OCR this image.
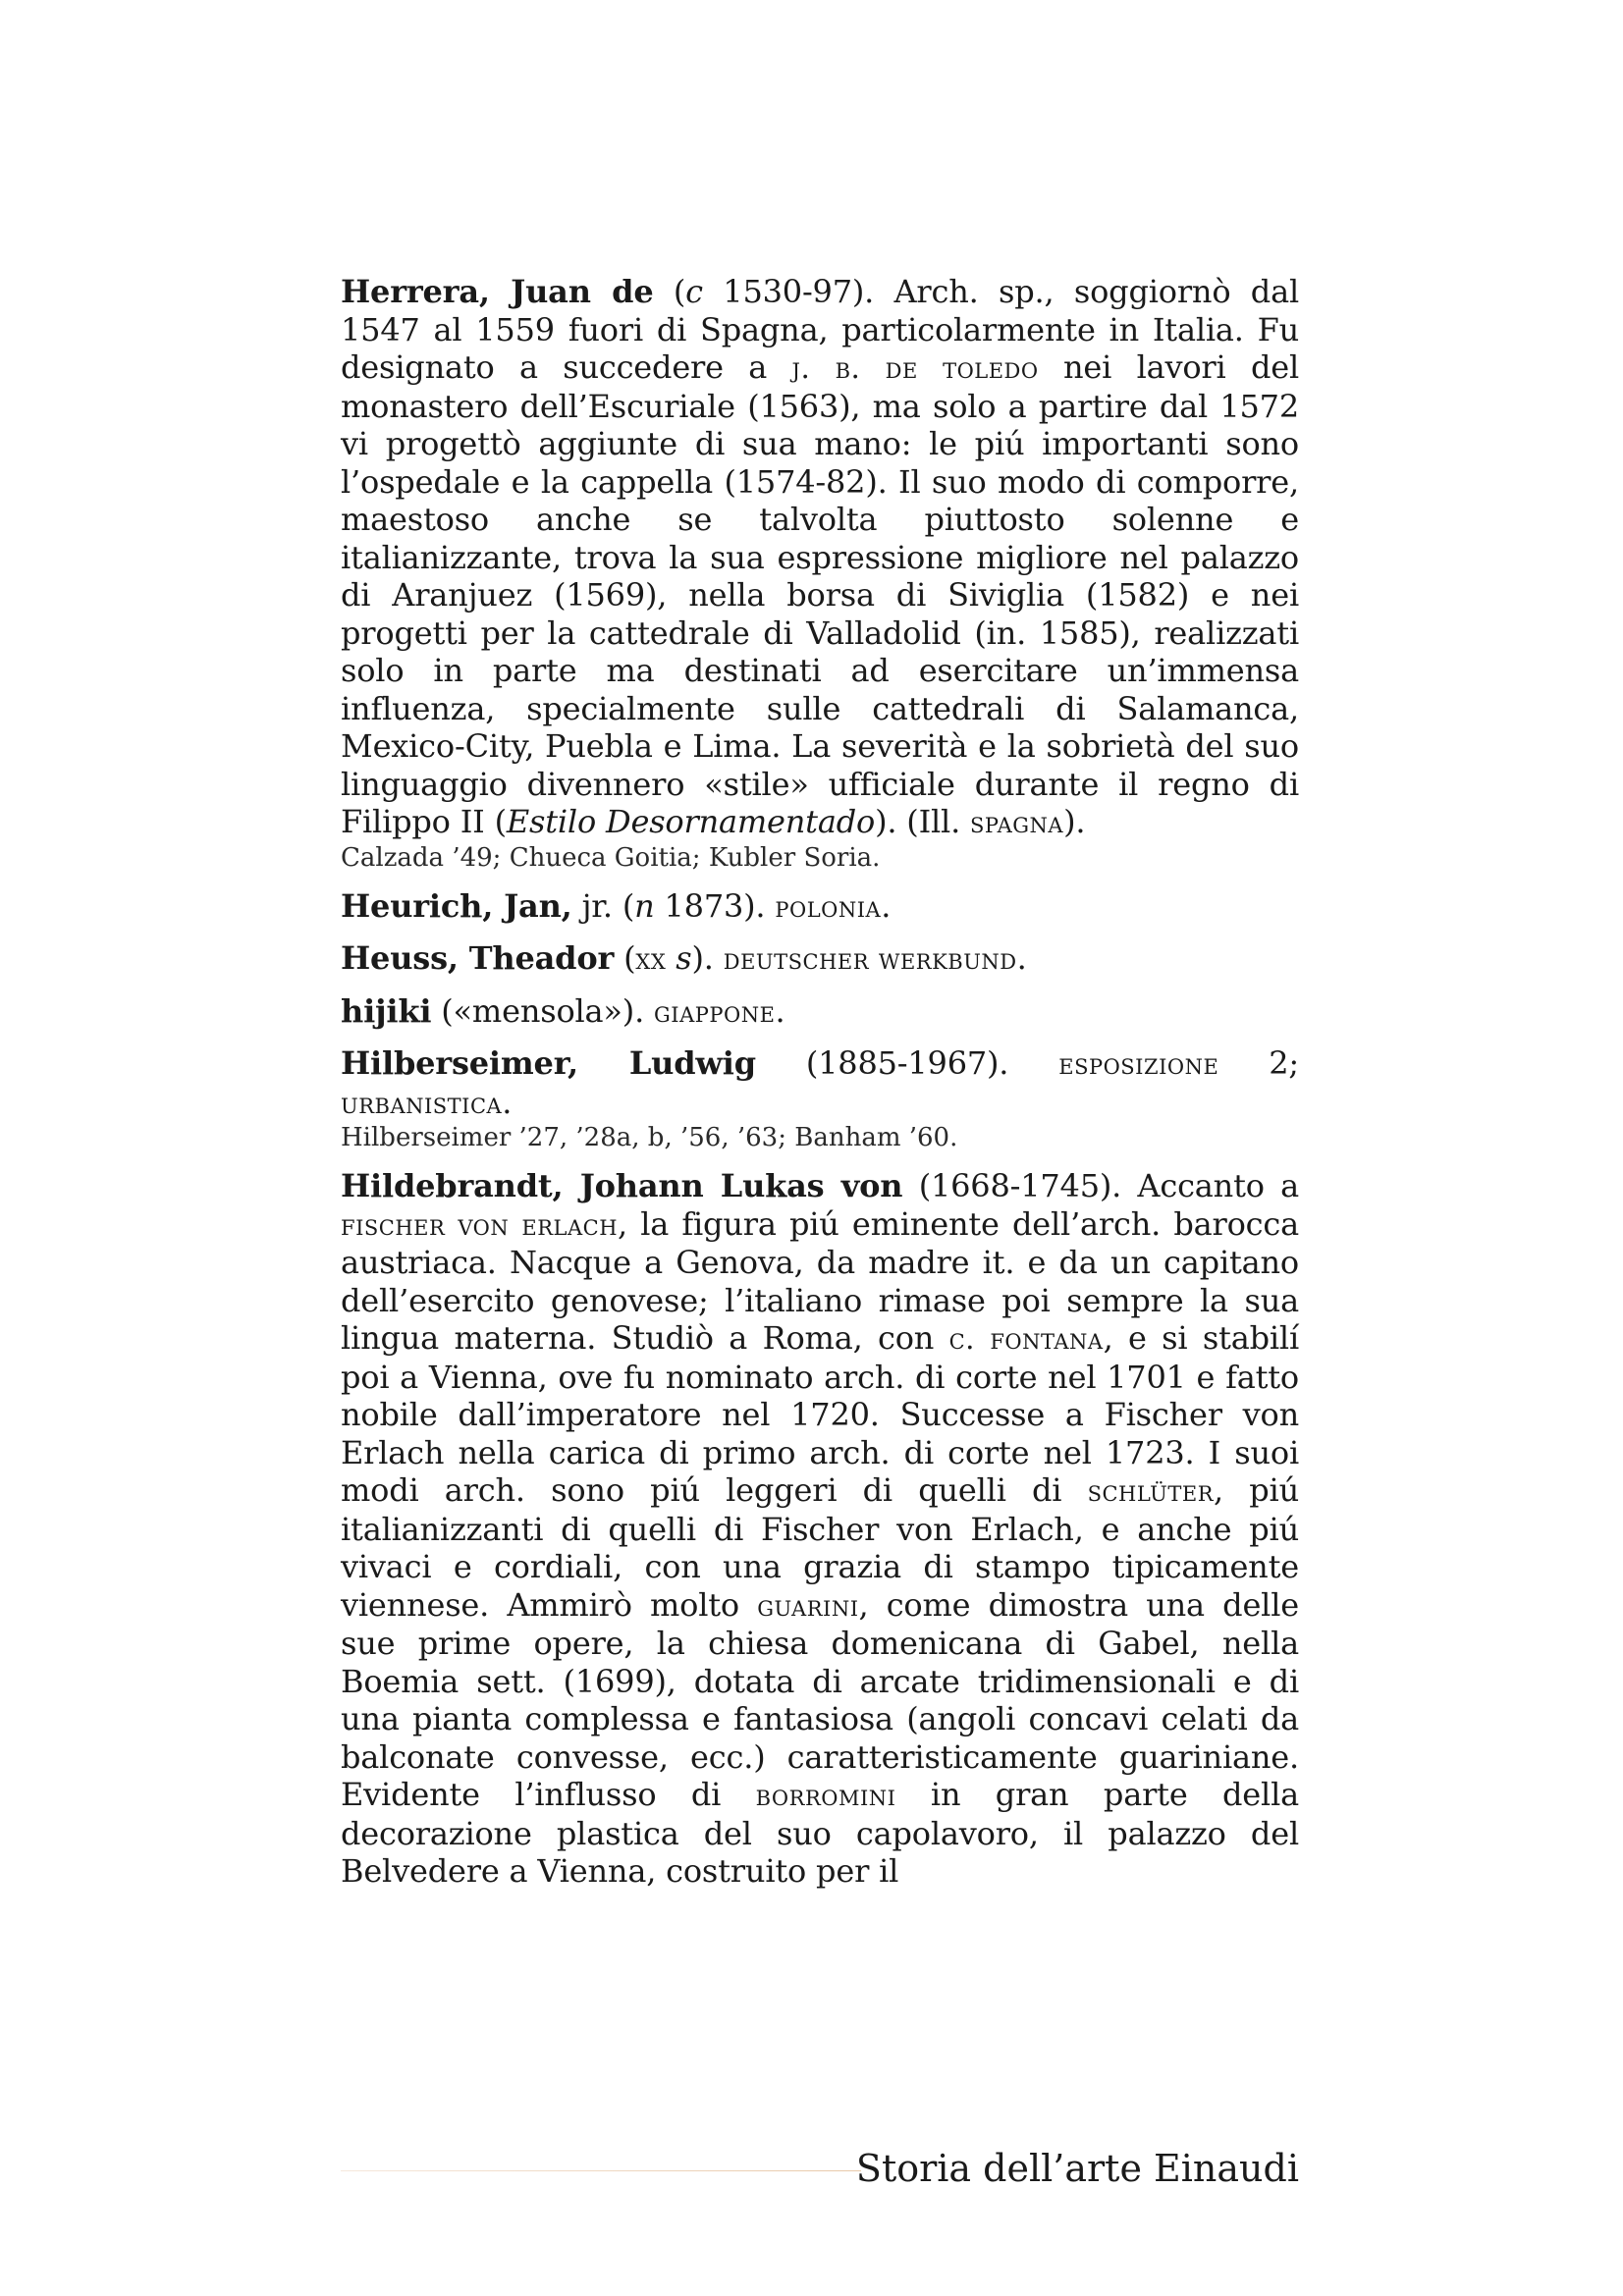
Herrera, Juan de (c 1530-97). Arch. sp., soggiornò dal 1547 al 1559 fuori di Spagna, particolarmente in Italia. Fu designato a succedere a j. b. de toledo nei lavori del monastero dell’Escuriale (1563), ma solo a partire dal 1572 vi progettò aggiunte di sua mano: le piú importanti sono l’ospedale e la cappella (1574-82). Il suo modo di comporre, maestoso anche se talvolta piuttosto solenne e italianizzante, trova la sua espressione migliore nel palazzo di Aranjuez (1569), nella borsa di Siviglia (1582) e nei progetti per la cattedrale di Valladolid (in. 1585), realizzati solo in parte ma destinati ad esercitare un’immensa influenza, specialmente sulle cattedrali di Salamanca, Mexico-City, Puebla e Lima. La severità e la sobrietà del suo linguaggio divennero «stile» ufficiale durante il regno di Filippo II (Estilo Desornamentado). (Ill. spagna).

Calzada ’49; Chueca Goitia; Kubler Soria.

Heurich, Jan, jr. (n 1873). polonia.

Heuss, Theador (xx s). deutscher werkbund.

hijiki («mensola»). giappone.

Hilberseimer, Ludwig (1885-1967). esposizione 2; urbanistica.

Hilberseimer ’27, ’28a, b, ’56, ’63; Banham ’60.

Hildebrandt, Johann Lukas von (1668-1745). Accanto a fischer von erlach, la figura piú eminente dell’arch. barocca austriaca. Nacque a Genova, da madre it. e da un capitano dell’esercito genovese; l’italiano rimase poi sempre la sua lingua materna. Studiò a Roma, con c. fontana, e si stabilí poi a Vienna, ove fu nominato arch. di corte nel 1701 e fatto nobile dall’imperatore nel 1720. Successe a Fischer von Erlach nella carica di primo arch. di corte nel 1723. I suoi modi arch. sono piú leggeri di quelli di schlüter, piú italianizzanti di quelli di Fischer von Erlach, e anche piú vivaci e cordiali, con una grazia di stampo tipicamente viennese. Ammirò molto guarini, come dimostra una delle sue prime opere, la chiesa domenicana di Gabel, nella Boemia sett. (1699), dotata di arcate tridimensionali e di una pianta complessa e fantasiosa (angoli concavi celati da balconate convesse, ecc.) caratteristicamente guariniane. Evidente l’influsso di borromini in gran parte della decorazione plastica del suo capolavoro, il palazzo del Belvedere a Vienna, costruito per il

Storia dell’arte Einaudi
